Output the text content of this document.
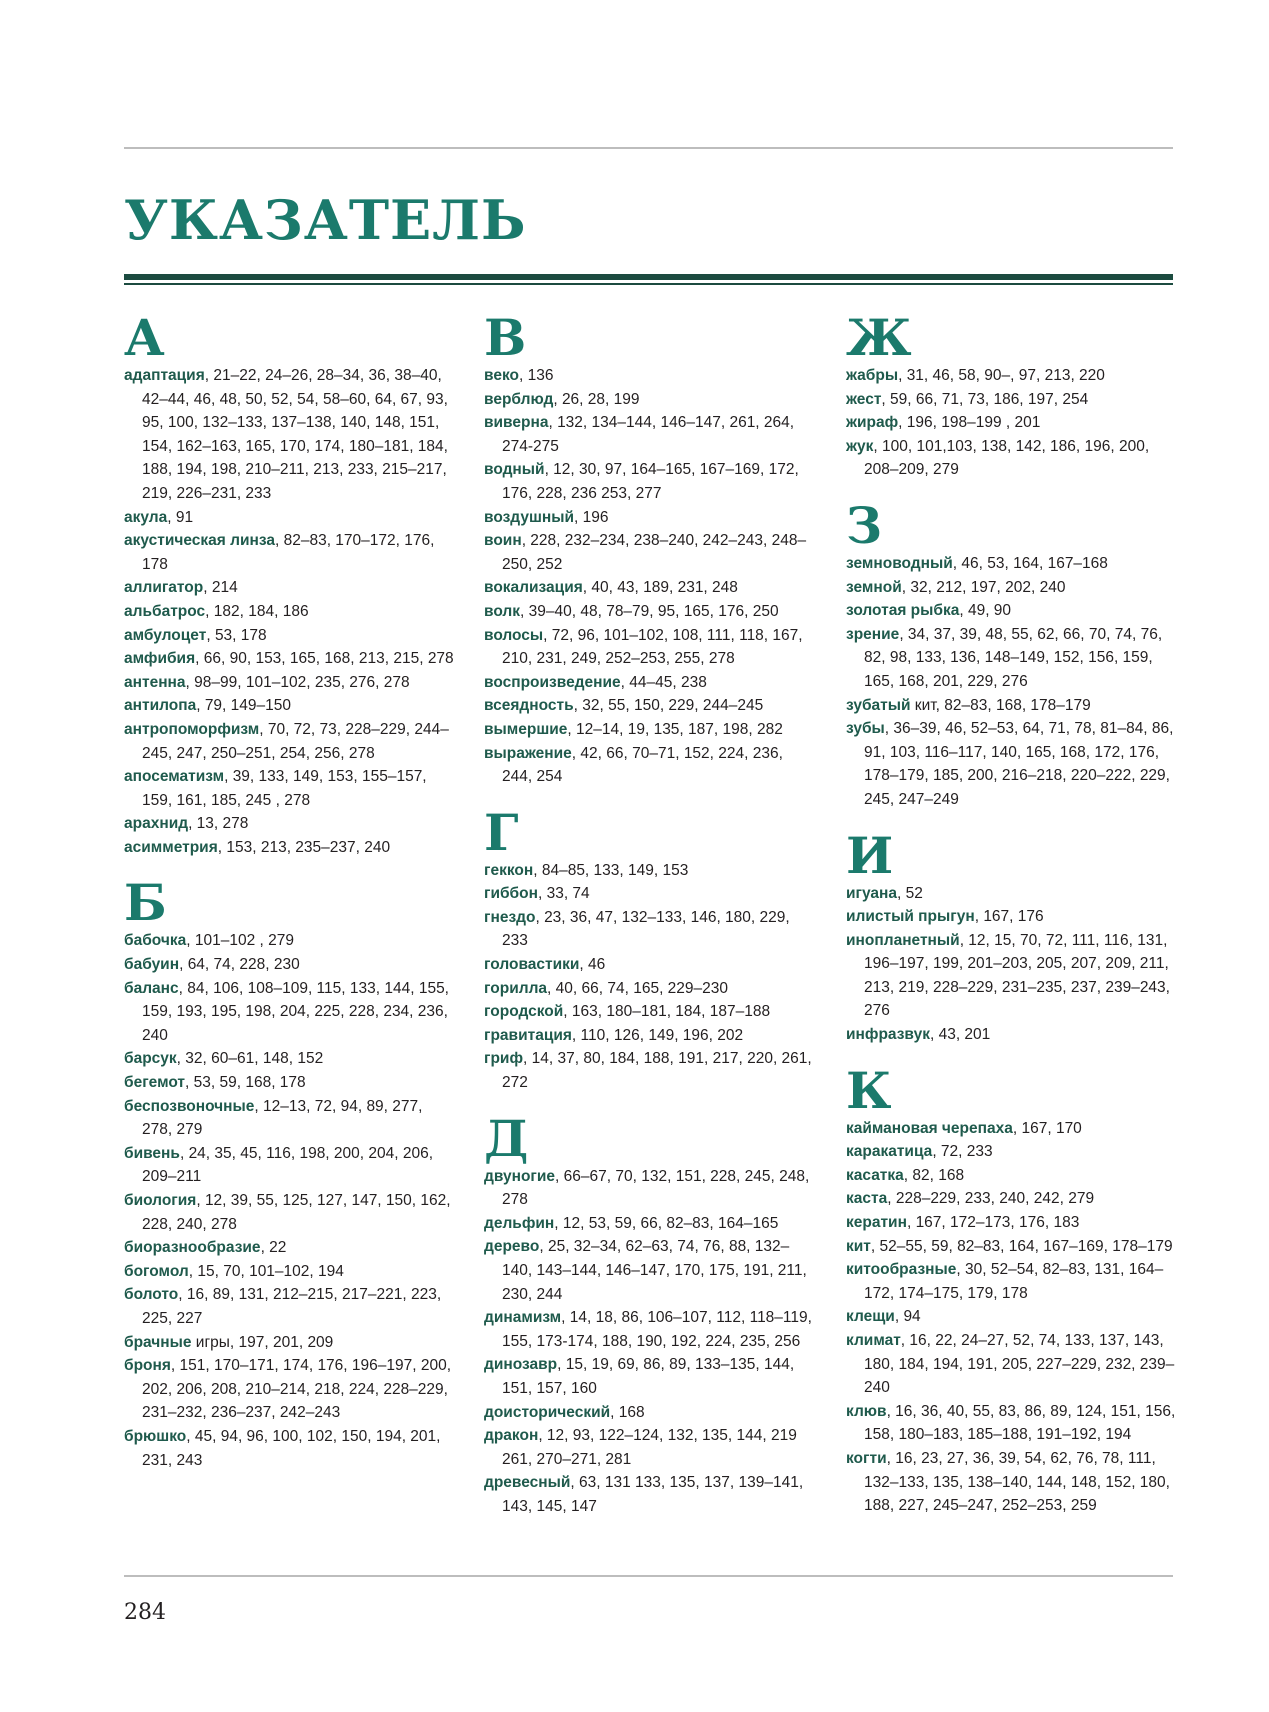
УКАЗАТЕЛЬ
А
адаптация, 21–22, 24–26, 28–34, 36, 38–40, 42–44, 46, 48, 50, 52, 54, 58–60, 64, 67, 93, 95, 100, 132–133, 137–138, 140, 148, 151, 154, 162–163, 165, 170, 174, 180–181, 184, 188, 194, 198, 210–211, 213, 233, 215–217, 219, 226–231, 233
акула, 91
акустическая линза, 82–83, 170–172, 176, 178
аллигатор, 214
альбатрос, 182, 184, 186
амбулоцет, 53, 178
амфибия, 66, 90, 153, 165, 168, 213, 215, 278
антенна, 98–99, 101–102, 235, 276, 278
антилопа, 79, 149–150
антропоморфизм, 70, 72, 73, 228–229, 244–245, 247, 250–251, 254, 256, 278
апосематизм, 39, 133, 149, 153, 155–157, 159, 161, 185, 245 , 278
арахнид, 13, 278
асимметрия, 153, 213, 235–237, 240
Б
бабочка, 101–102 , 279
бабуин, 64, 74, 228, 230
баланс, 84, 106, 108–109, 115, 133, 144, 155, 159, 193, 195, 198, 204, 225, 228, 234, 236, 240
барсук, 32, 60–61, 148, 152
бегемот, 53, 59, 168, 178
беспозвоночные, 12–13, 72, 94, 89, 277, 278, 279
бивень, 24, 35, 45, 116, 198, 200, 204, 206, 209–211
биология, 12, 39, 55, 125, 127, 147, 150, 162, 228, 240, 278
биоразнообразие, 22
богомол, 15, 70, 101–102, 194
болото, 16, 89, 131, 212–215, 217–221, 223, 225, 227
брачные игры, 197, 201, 209
броня, 151, 170–171, 174, 176, 196–197, 200, 202, 206, 208, 210–214, 218, 224, 228–229, 231–232, 236–237, 242–243
брюшко, 45, 94, 96, 100, 102, 150, 194, 201, 231, 243
В
веко, 136
верблюд, 26, 28, 199
виверна, 132, 134–144, 146–147, 261, 264, 274-275
водный, 12, 30, 97, 164–165, 167–169, 172, 176, 228, 236 253, 277
воздушный, 196
воин, 228, 232–234, 238–240, 242–243, 248–250, 252
вокализация, 40, 43, 189, 231, 248
волк, 39–40, 48, 78–79, 95, 165, 176, 250
волосы, 72, 96, 101–102, 108, 111, 118, 167, 210, 231, 249, 252–253, 255, 278
воспроизведение, 44–45, 238
всеядность, 32, 55, 150, 229, 244–245
вымершие, 12–14, 19, 135, 187, 198, 282
выражение, 42, 66, 70–71, 152, 224, 236, 244, 254
Г
геккон, 84–85, 133, 149, 153
гиббон, 33, 74
гнездо, 23, 36, 47, 132–133, 146, 180, 229, 233
головастики, 46
горилла, 40, 66, 74, 165, 229–230
городской, 163, 180–181, 184, 187–188
гравитация, 110, 126, 149, 196, 202
гриф, 14, 37, 80, 184, 188, 191, 217, 220, 261, 272
Д
двуногие, 66–67, 70, 132, 151, 228, 245, 248, 278
дельфин, 12, 53, 59, 66, 82–83, 164–165
дерево, 25, 32–34, 62–63, 74, 76, 88, 132–140, 143–144, 146–147, 170, 175, 191, 211, 230, 244
динамизм, 14, 18, 86, 106–107, 112, 118–119, 155, 173-174, 188, 190, 192, 224, 235, 256
динозавр, 15, 19, 69, 86, 89, 133–135, 144, 151, 157, 160
доисторический, 168
дракон, 12, 93, 122–124, 132, 135, 144, 219 261, 270–271, 281
древесный, 63, 131 133, 135, 137, 139–141, 143, 145, 147
Ж
жабры, 31, 46, 58, 90–, 97, 213, 220
жест, 59, 66, 71, 73, 186, 197, 254
жираф, 196, 198–199 , 201
жук, 100, 101,103, 138, 142, 186, 196, 200, 208–209, 279
З
земноводный, 46, 53, 164, 167–168
земной, 32, 212, 197, 202, 240
золотая рыбка, 49, 90
зрение, 34, 37, 39, 48, 55, 62, 66, 70, 74, 76, 82, 98, 133, 136, 148–149, 152, 156, 159, 165, 168, 201, 229, 276
зубатый кит, 82–83, 168, 178–179
зубы, 36–39, 46, 52–53, 64, 71, 78, 81–84, 86, 91, 103, 116–117, 140, 165, 168, 172, 176, 178–179, 185, 200, 216–218, 220–222, 229, 245, 247–249
И
игуана, 52
илистый прыгун, 167, 176
инопланетный, 12, 15, 70, 72, 111, 116, 131, 196–197, 199, 201–203, 205, 207, 209, 211, 213, 219, 228–229, 231–235, 237, 239–243, 276
инфразвук, 43, 201
К
каймановая черепаха, 167, 170
каракатица, 72, 233
касатка, 82, 168
каста, 228–229, 233, 240, 242, 279
кератин, 167, 172–173, 176, 183
кит, 52–55, 59, 82–83, 164, 167–169, 178–179
китообразные, 30, 52–54, 82–83, 131, 164–172, 174–175, 179, 178
клещи, 94
климат, 16, 22, 24–27, 52, 74, 133, 137, 143, 180, 184, 194, 191, 205, 227–229, 232, 239–240
клюв, 16, 36, 40, 55, 83, 86, 89, 124, 151, 156, 158, 180–183, 185–188, 191–192, 194
когти, 16, 23, 27, 36, 39, 54, 62, 76, 78, 111, 132–133, 135, 138–140, 144, 148, 152, 180, 188, 227, 245–247, 252–253, 259
284
